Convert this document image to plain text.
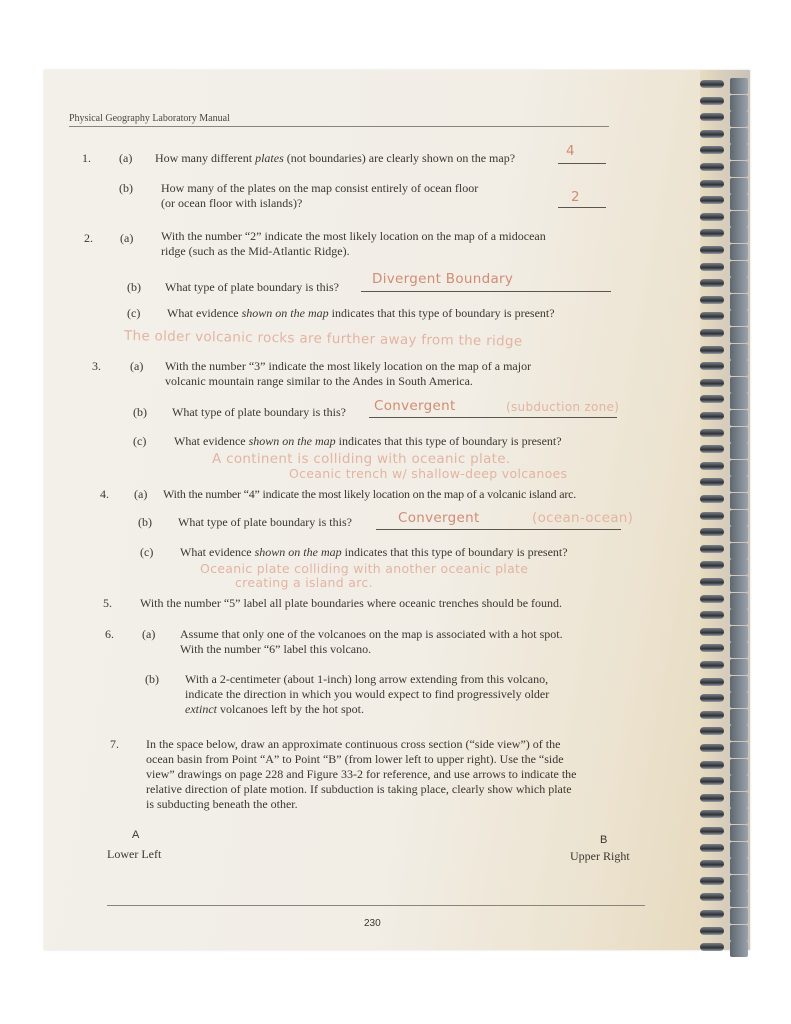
Physical Geography Laboratory Manual
1. (a) How many different plates (not boundaries) are clearly shown on the map?	4
(b) How many of the plates on the map consist entirely of ocean floor
(or ocean floor with islands)?	2
2. (a) With the number “2” indicate the most likely location on the map of a midocean
ridge (such as the Mid-Atlantic Ridge).
(b) What type of plate boundary is this? Divergent Boundary
(c) What evidence shown on the map indicates that this type of boundary is present?
The older volcanic rocks are further away from the ridge
3. (a) With the number “3” indicate the most likely location on the map of a major
volcanic mountain range similar to the Andes in South America.
(b) What type of plate boundary is this? Convergent	(subduction zone)
(c) What evidence shown on the map indicates that this type of boundary is present?
A continent is colliding with oceanic plate.
Oceanic trench w/ shallow-deep volcanoes
4. (a) With the number “4” indicate the most likely location on the map of a volcanic island arc.
(b) What type of plate boundary is this?	Convergent	(ocean-ocean)
(c) What evidence shown on the map indicates that this type of boundary is present?
Oceanic plate colliding with another oceanic plate
creating a island arc.
5. With the number “5” label all plate boundaries where oceanic trenches should be found.
6. (a) Assume that only one of the volcanoes on the map is associated with a hot spot.
With the number “6” label this volcano.
(b) With a 2-centimeter (about 1-inch) long arrow extending from this volcano,
indicate the direction in which you would expect to find progressively older
extinct volcanoes left by the hot spot.
7. In the space below, draw an approximate continuous cross section (“side view”) of the
ocean basin from Point “A” to Point “B” (from lower left to upper right). Use the “side
view” drawings on page 228 and Figure 33-2 for reference, and use arrows to indicate the
relative direction of plate motion. If subduction is taking place, clearly show which plate
is subducting beneath the other.
A
Lower Left
B
Upper Right
230
